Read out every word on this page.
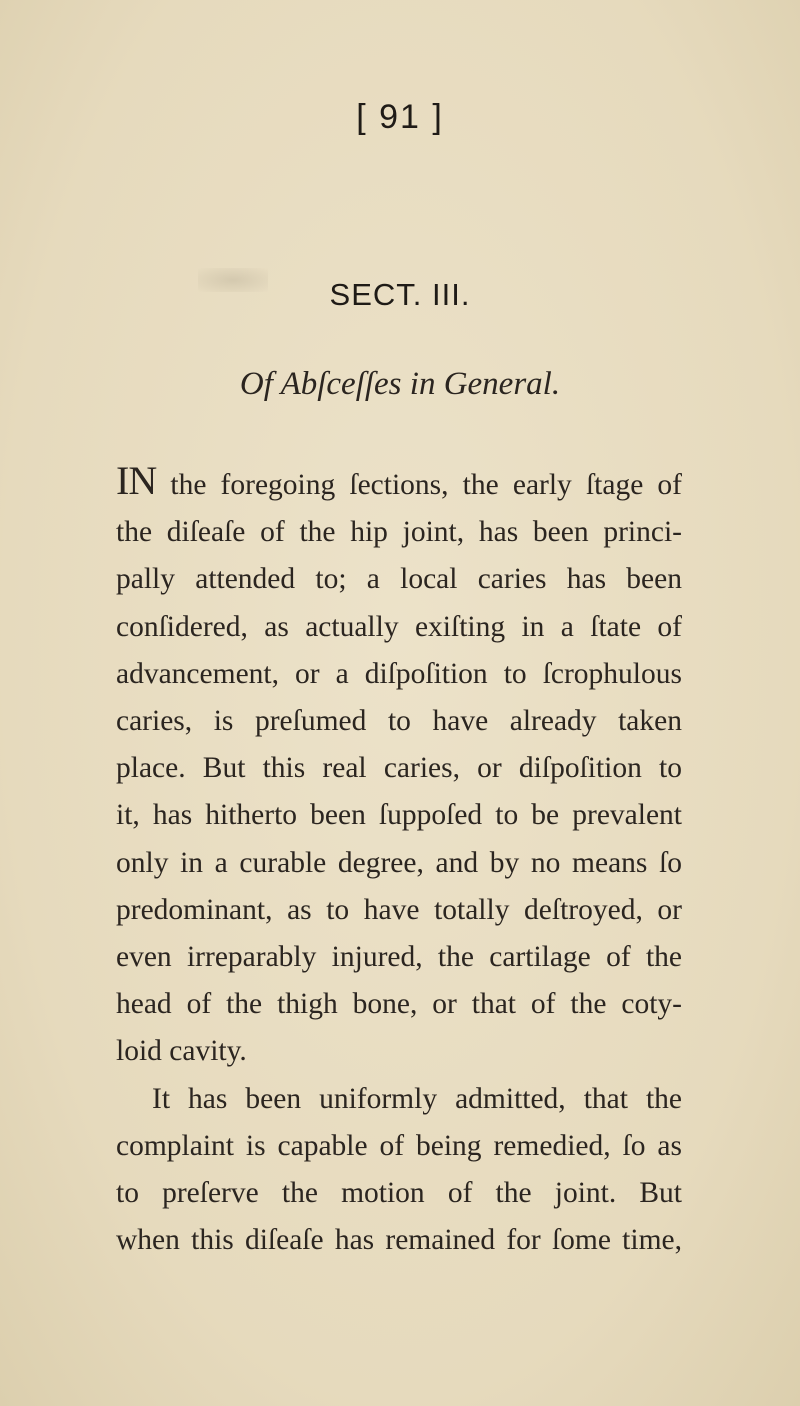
[ 91 ]
SECT. III.
Of Abſceſſes in General.
IN the foregoing ſections, the early ſtage of
the diſeaſe of the hip joint, has been princi-
pally attended to; a local caries has been
conſidered, as actually exiſting in a ſtate of
advancement, or a diſpoſition to ſcrophulous
caries, is preſumed to have already taken
place. But this real caries, or diſpoſition to
it, has hitherto been ſuppoſed to be prevalent
only in a curable degree, and by no means ſo
predominant, as to have totally deſtroyed, or
even irreparably injured, the cartilage of the
head of the thigh bone, or that of the coty-
loid cavity.
It has been uniformly admitted, that the
complaint is capable of being remedied, ſo as
to preſerve the motion of the joint. But
when this diſeaſe has remained for ſome time,
